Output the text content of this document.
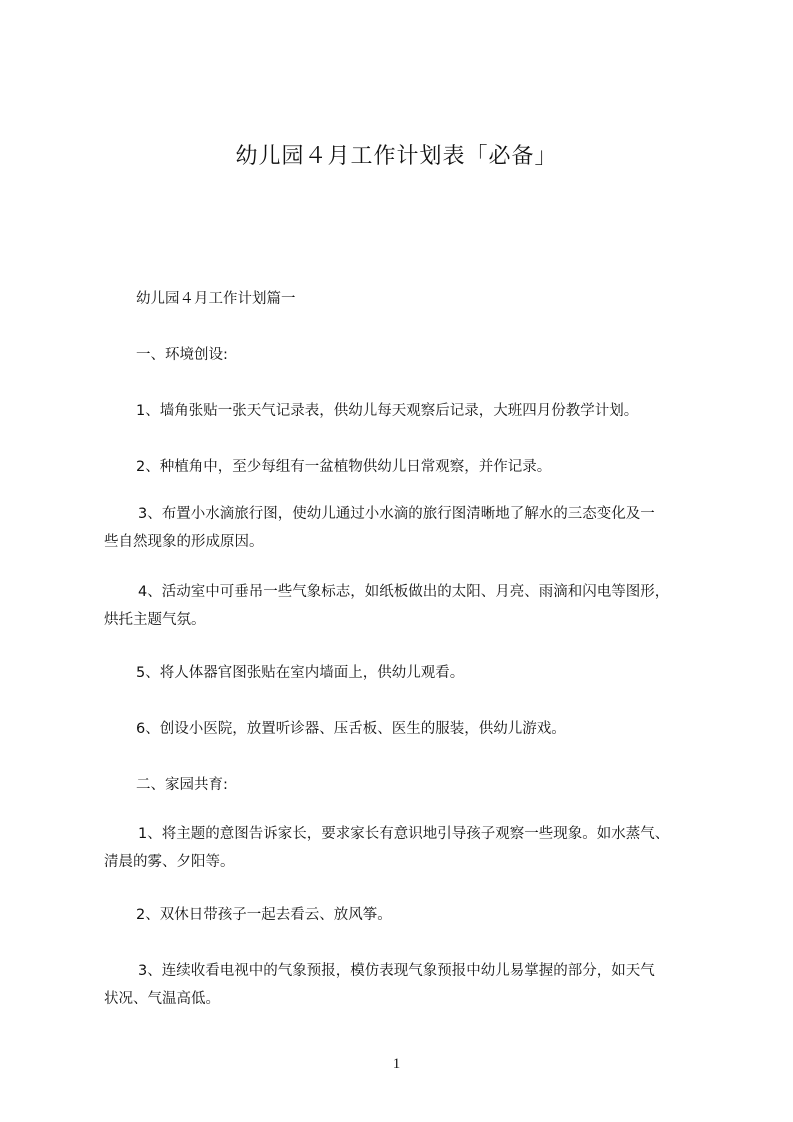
幼儿园４月工作计划表「必备」
幼儿园４月工作计划篇一
一、环境创设:
1、墙角张贴一张天气记录表，供幼儿每天观察后记录，大班四月份教学计划。
2、种植角中，至少每组有一盆植物供幼儿日常观察，并作记录。
3、布置小水滴旅行图，使幼儿通过小水滴的旅行图清晰地了解水的三态变化及一
些自然现象的形成原因。
4、活动室中可垂吊一些气象标志，如纸板做出的太阳、月亮、雨滴和闪电等图形，
烘托主题气氛。
5、将人体器官图张贴在室内墙面上，供幼儿观看。
6、创设小医院，放置听诊器、压舌板、医生的服装，供幼儿游戏。
二、家园共育:
1、将主题的意图告诉家长，要求家长有意识地引导孩子观察一些现象。如水蒸气、
清晨的雾、夕阳等。
2、双休日带孩子一起去看云、放风筝。
3、连续收看电视中的气象预报，模仿表现气象预报中幼儿易掌握的部分，如天气
状况、气温高低。
1
